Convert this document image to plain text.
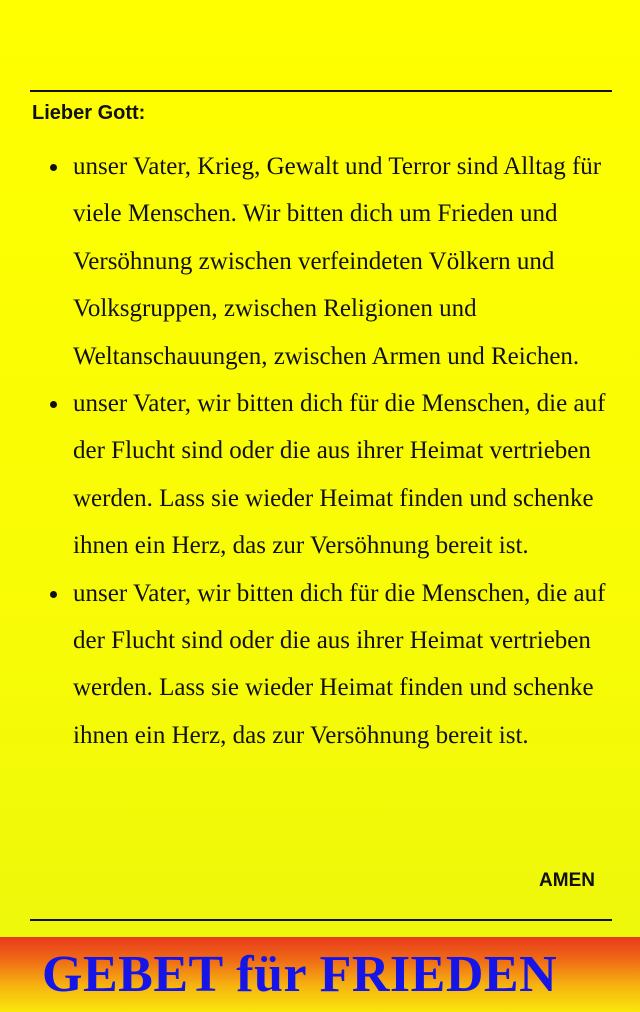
Lieber Gott:
unser Vater, Krieg, Gewalt und Terror sind Alltag für viele Menschen. Wir bitten dich um Frieden und Versöhnung zwischen verfeindeten Völkern und Volksgruppen, zwischen Religionen und Weltanschauungen, zwischen Armen und Reichen.
unser Vater, wir bitten dich für die Menschen, die auf der Flucht sind oder die aus ihrer Heimat vertrieben werden. Lass sie wieder Heimat finden und schenke ihnen ein Herz, das zur Versöhnung bereit ist.
unser Vater, wir bitten dich für die Menschen, die auf der Flucht sind oder die aus ihrer Heimat vertrieben werden. Lass sie wieder Heimat finden und schenke ihnen ein Herz, das zur Versöhnung bereit ist.
AMEN
GEBET für FRIEDEN
